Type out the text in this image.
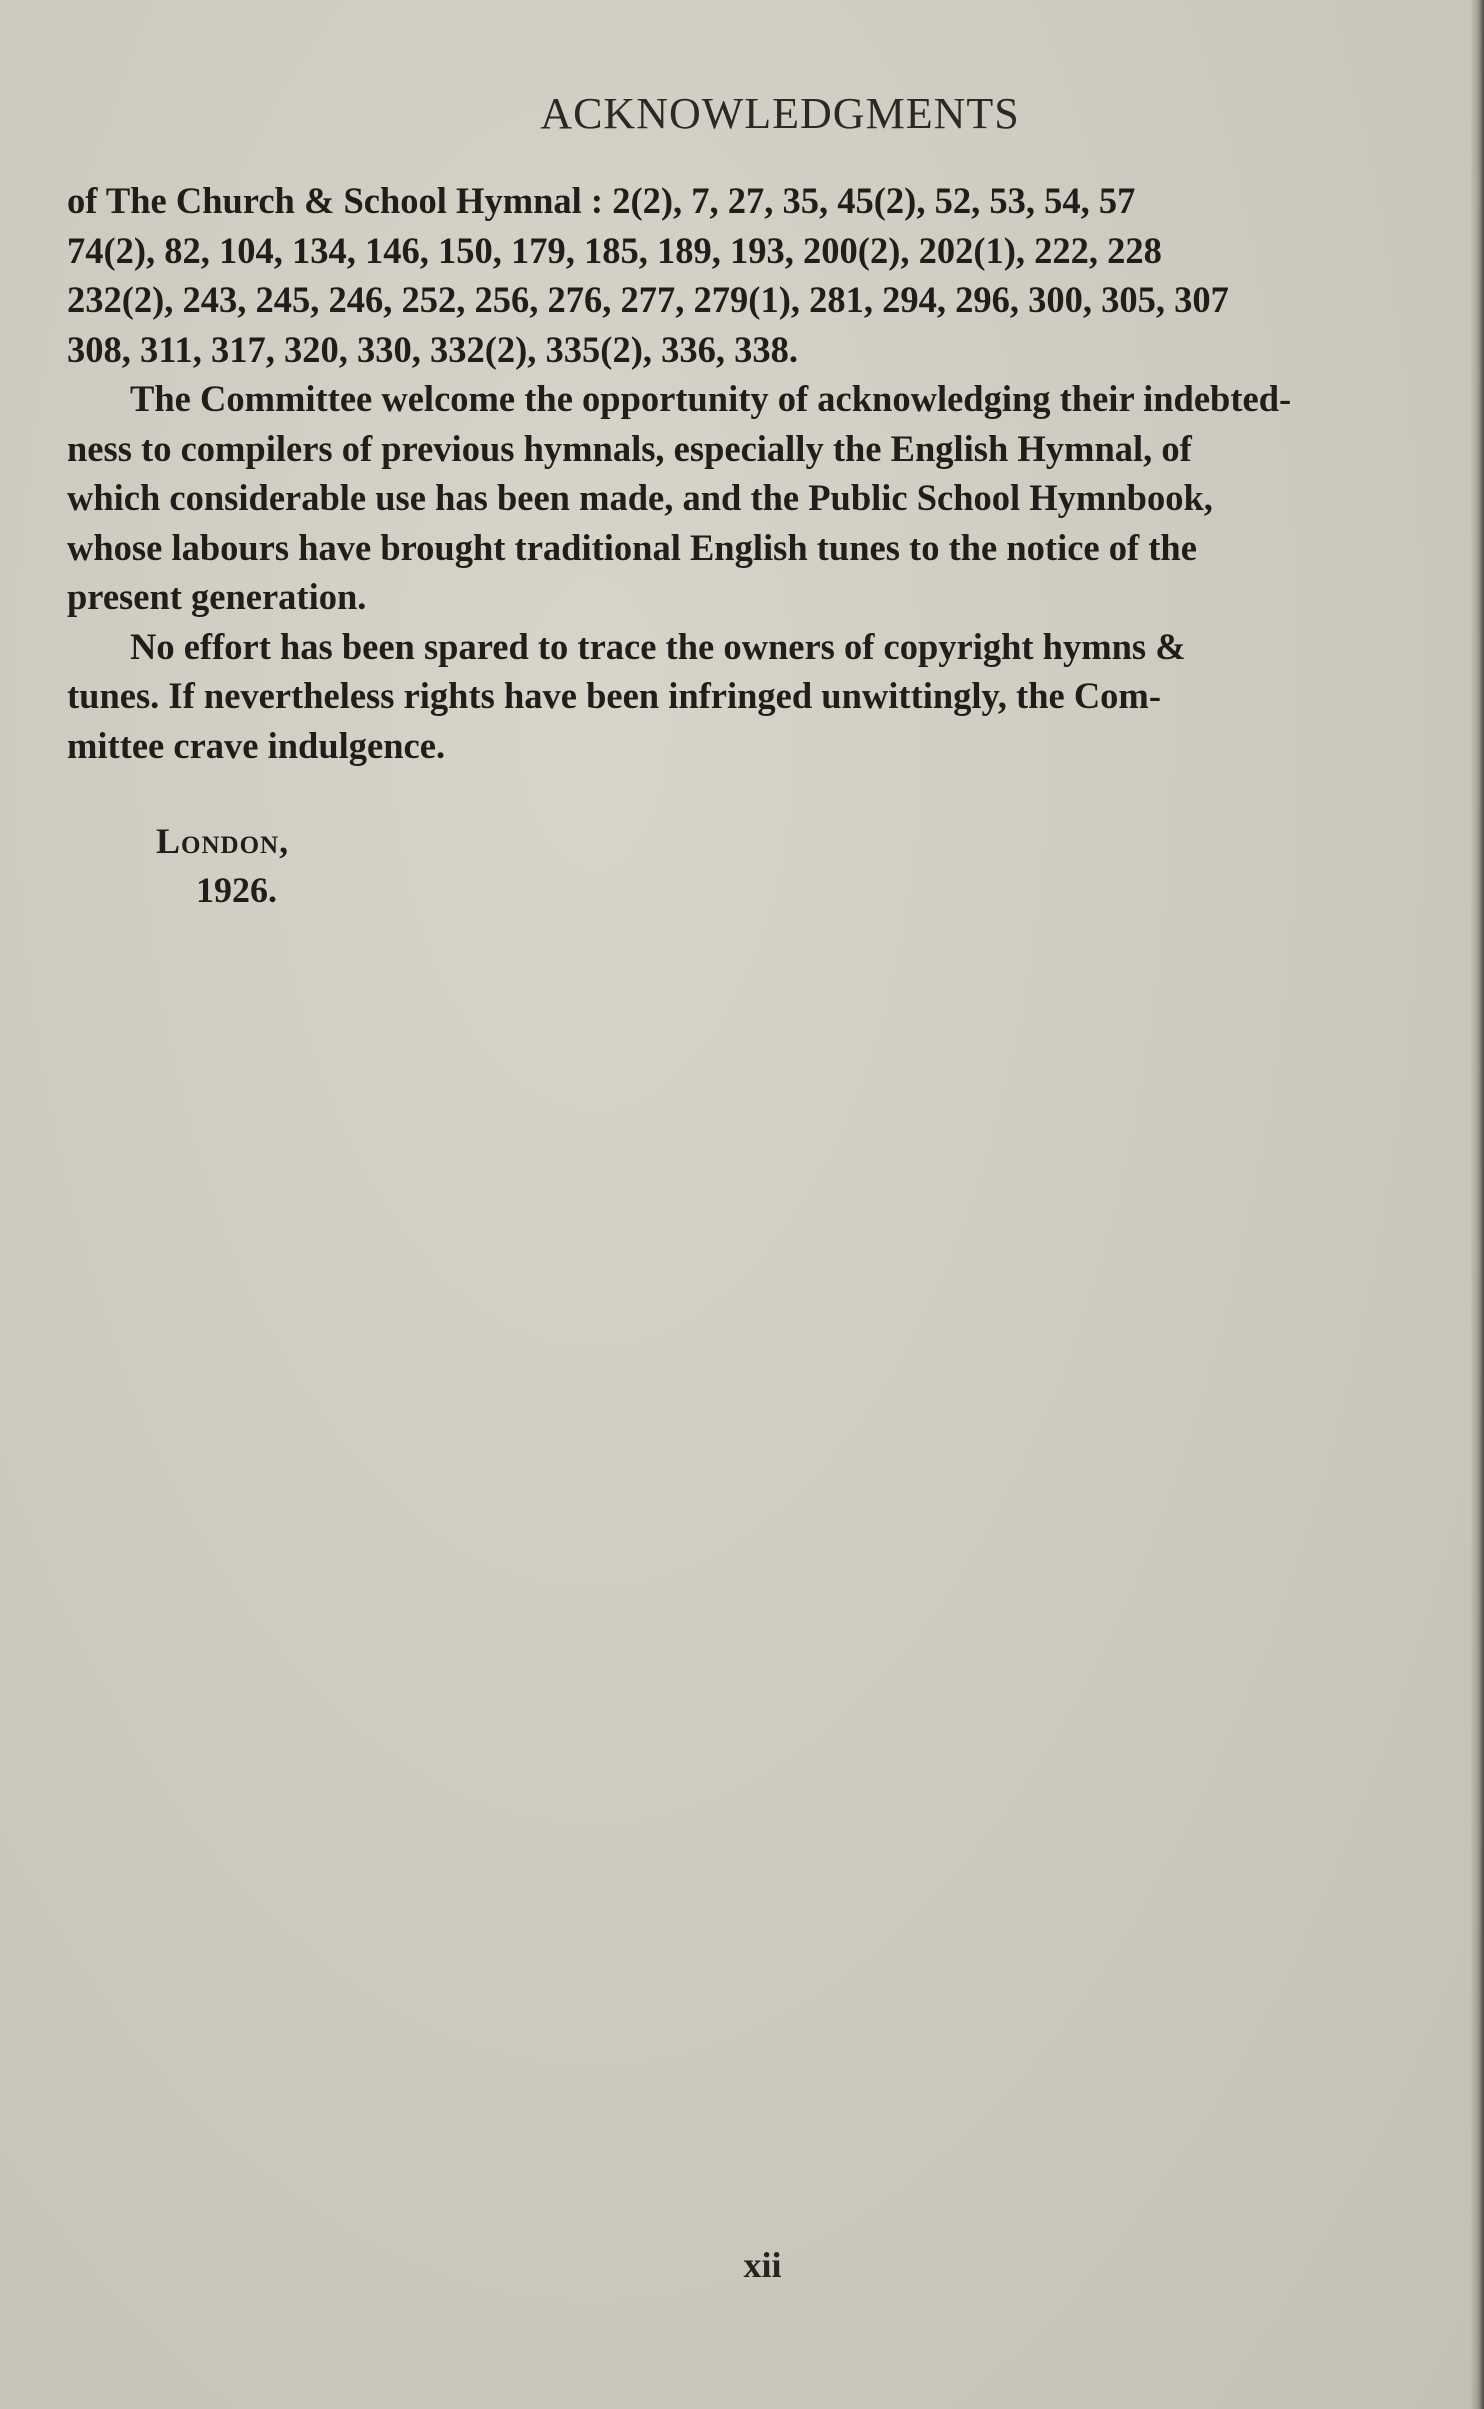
ACKNOWLEDGMENTS
of The Church & School Hymnal : 2(2), 7, 27, 35, 45(2), 52, 53, 54, 57
74(2), 82, 104, 134, 146, 150, 179, 185, 189, 193, 200(2), 202(1), 222, 228
232(2), 243, 245, 246, 252, 256, 276, 277, 279(1), 281, 294, 296, 300, 305, 307
308, 311, 317, 320, 330, 332(2), 335(2), 336, 338.
The Committee welcome the opportunity of acknowledging their indebted-
ness to compilers of previous hymnals, especially the English Hymnal, of
which considerable use has been made, and the Public School Hymnbook,
whose labours have brought traditional English tunes to the notice of the
present generation.
No effort has been spared to trace the owners of copyright hymns &
tunes. If nevertheless rights have been infringed unwittingly, the Com-
mittee crave indulgence.
London,
1926.
xii
